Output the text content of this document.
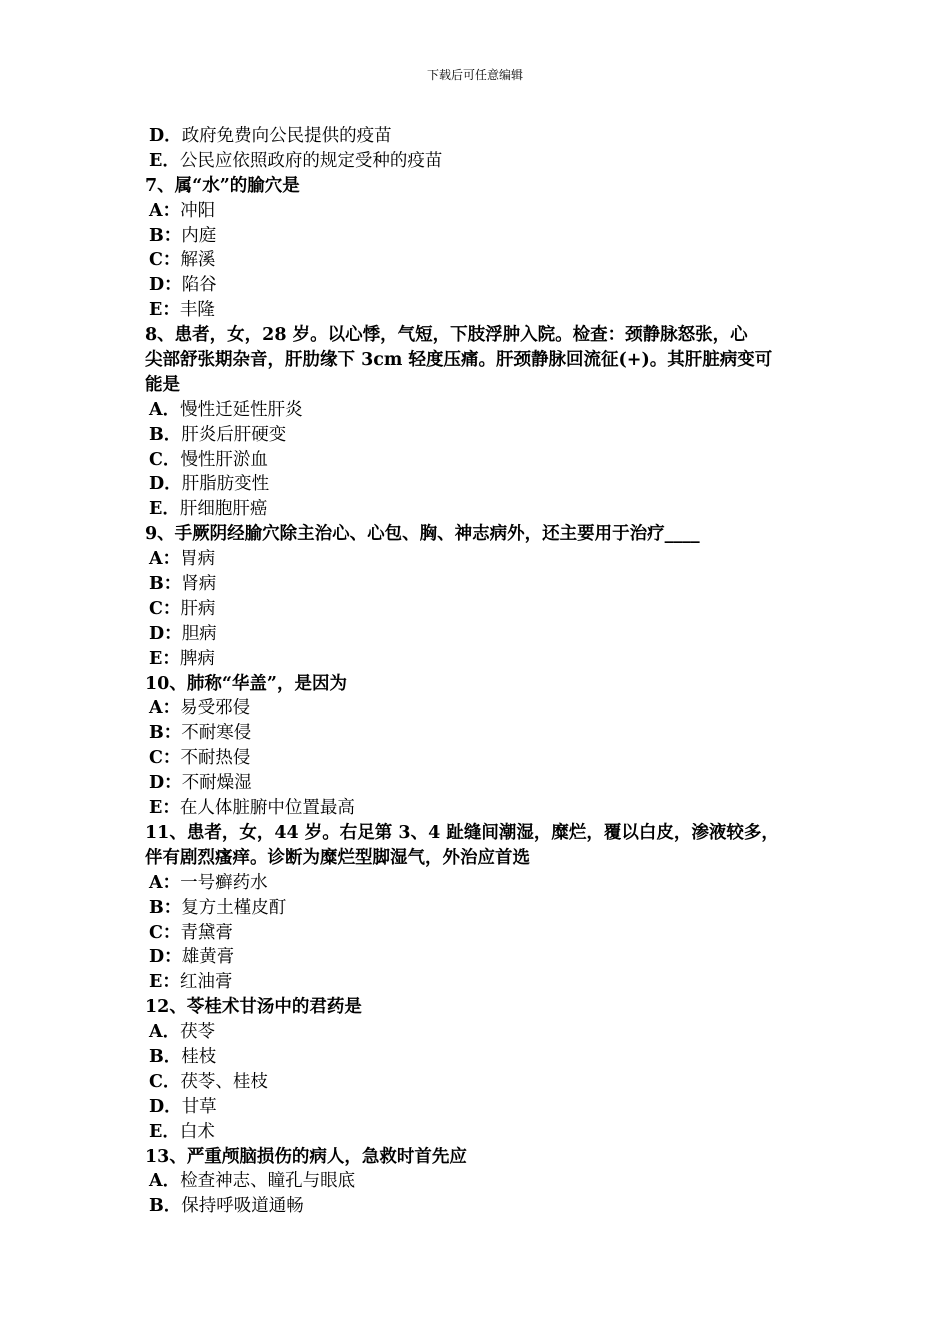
下载后可任意编辑
D．政府免费向公民提供的疫苗
E．公民应依照政府的规定受种的疫苗
7、属“水”的腧穴是
A：冲阳
B：内庭
C：解溪
D：陷谷
E：丰隆
8、患者，女，28 岁。以心悸，气短，下肢浮肿入院。检查：颈静脉怒张，心
尖部舒张期杂音，肝肋缘下 3cm 轻度压痛。肝颈静脉回流征(+)。其肝脏病变可
能是
A．慢性迁延性肝炎
B．肝炎后肝硬变
C．慢性肝淤血
D．肝脂肪变性
E．肝细胞肝癌
9、手厥阴经腧穴除主治心、心包、胸、神志病外，还主要用于治疗____
A：胃病
B：肾病
C：肝病
D：胆病
E：脾病
10、肺称“华盖”，是因为
A：易受邪侵
B：不耐寒侵
C：不耐热侵
D：不耐燥湿
E：在人体脏腑中位置最高
11、患者，女，44 岁。右足第 3、4 趾缝间潮湿，糜烂，覆以白皮，渗液较多，
伴有剧烈瘙痒。诊断为糜烂型脚湿气，外治应首选
A：一号癣药水
B：复方土槿皮酊
C：青黛膏
D：雄黄膏
E：红油膏
12、苓桂术甘汤中的君药是
A．茯苓
B．桂枝
C．茯苓、桂枝
D．甘草
E．白术
13、严重颅脑损伤的病人，急救时首先应
A．检查神志、瞳孔与眼底
B．保持呼吸道通畅
